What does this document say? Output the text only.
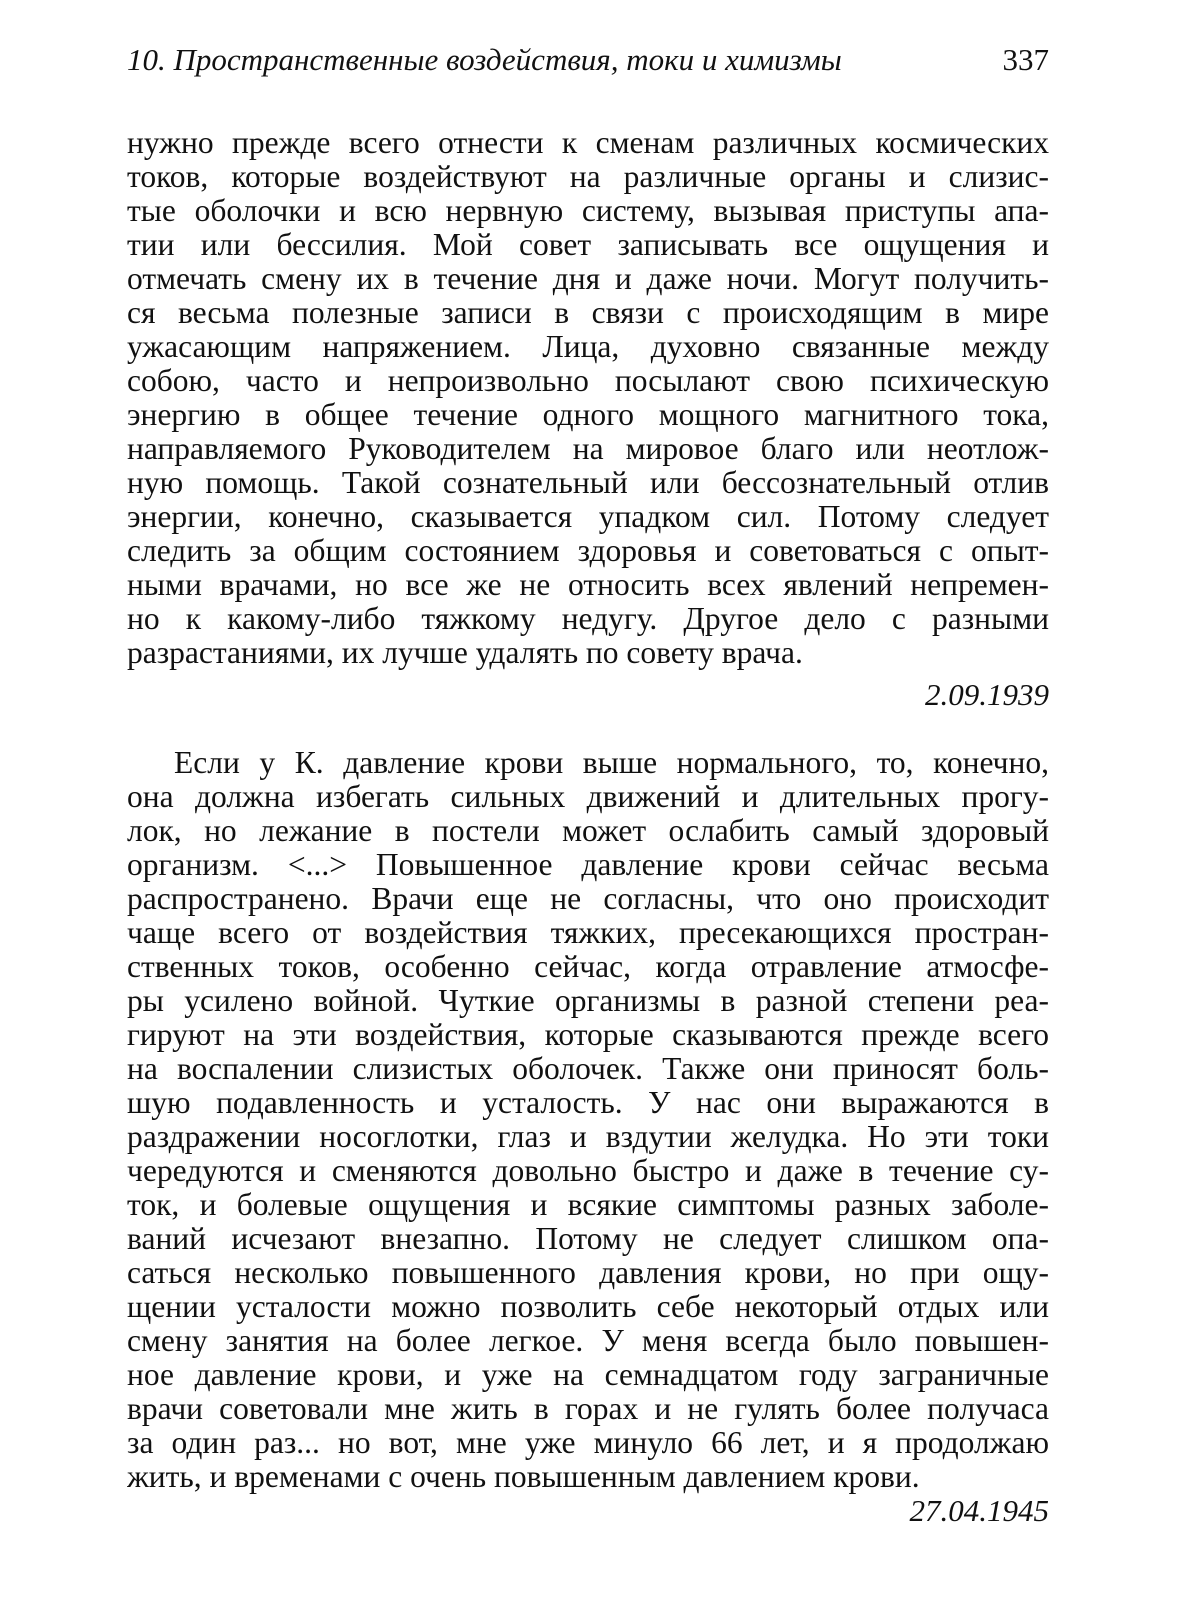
10. Пространственные воздействия, токи и химизмы	337
нужно прежде всего отнести к сменам различных космических
токов, которые воздействуют на различные органы и слизис-
тые оболочки и всю нервную систему, вызывая приступы апа-
тии или бессилия. Мой совет записывать все ощущения и
отмечать смену их в течение дня и даже ночи. Могут получить-
ся весьма полезные записи в связи с происходящим в мире
ужасающим напряжением. Лица, духовно связанные между
собою, часто и непроизвольно посылают свою психическую
энергию в общее течение одного мощного магнитного тока,
направляемого Руководителем на мировое благо или неотлож-
ную помощь. Такой сознательный или бессознательный отлив
энергии, конечно, сказывается упадком сил. Потому следует
следить за общим состоянием здоровья и советоваться с опыт-
ными врачами, но все же не относить всех явлений непремен-
но к какому-либо тяжкому недугу. Другое дело с разными
разрастаниями, их лучше удалять по совету врача.
2.09.1939
Если у К. давление крови выше нормального, то, конечно,
она должна избегать сильных движений и длительных прогу-
лок, но лежание в постели может ослабить самый здоровый
организм. <...> Повышенное давление крови сейчас весьма
распространено. Врачи еще не согласны, что оно происходит
чаще всего от воздействия тяжких, пресекающихся простран-
ственных токов, особенно сейчас, когда отравление атмосфе-
ры усилено войной. Чуткие организмы в разной степени реа-
гируют на эти воздействия, которые сказываются прежде всего
на воспалении слизистых оболочек. Также они приносят боль-
шую подавленность и усталость. У нас они выражаются в
раздражении носоглотки, глаз и вздутии желудка. Но эти токи
чередуются и сменяются довольно быстро и даже в течение су-
ток, и болевые ощущения и всякие симптомы разных заболе-
ваний исчезают внезапно. Потому не следует слишком опа-
саться несколько повышенного давления крови, но при ощу-
щении усталости можно позволить себе некоторый отдых или
смену занятия на более легкое. У меня всегда было повышен-
ное давление крови, и уже на семнадцатом году заграничные
врачи советовали мне жить в горах и не гулять более получаса
за один раз... но вот, мне уже минуло 66 лет, и я продолжаю
жить, и временами с очень повышенным давлением крови.
27.04.1945
